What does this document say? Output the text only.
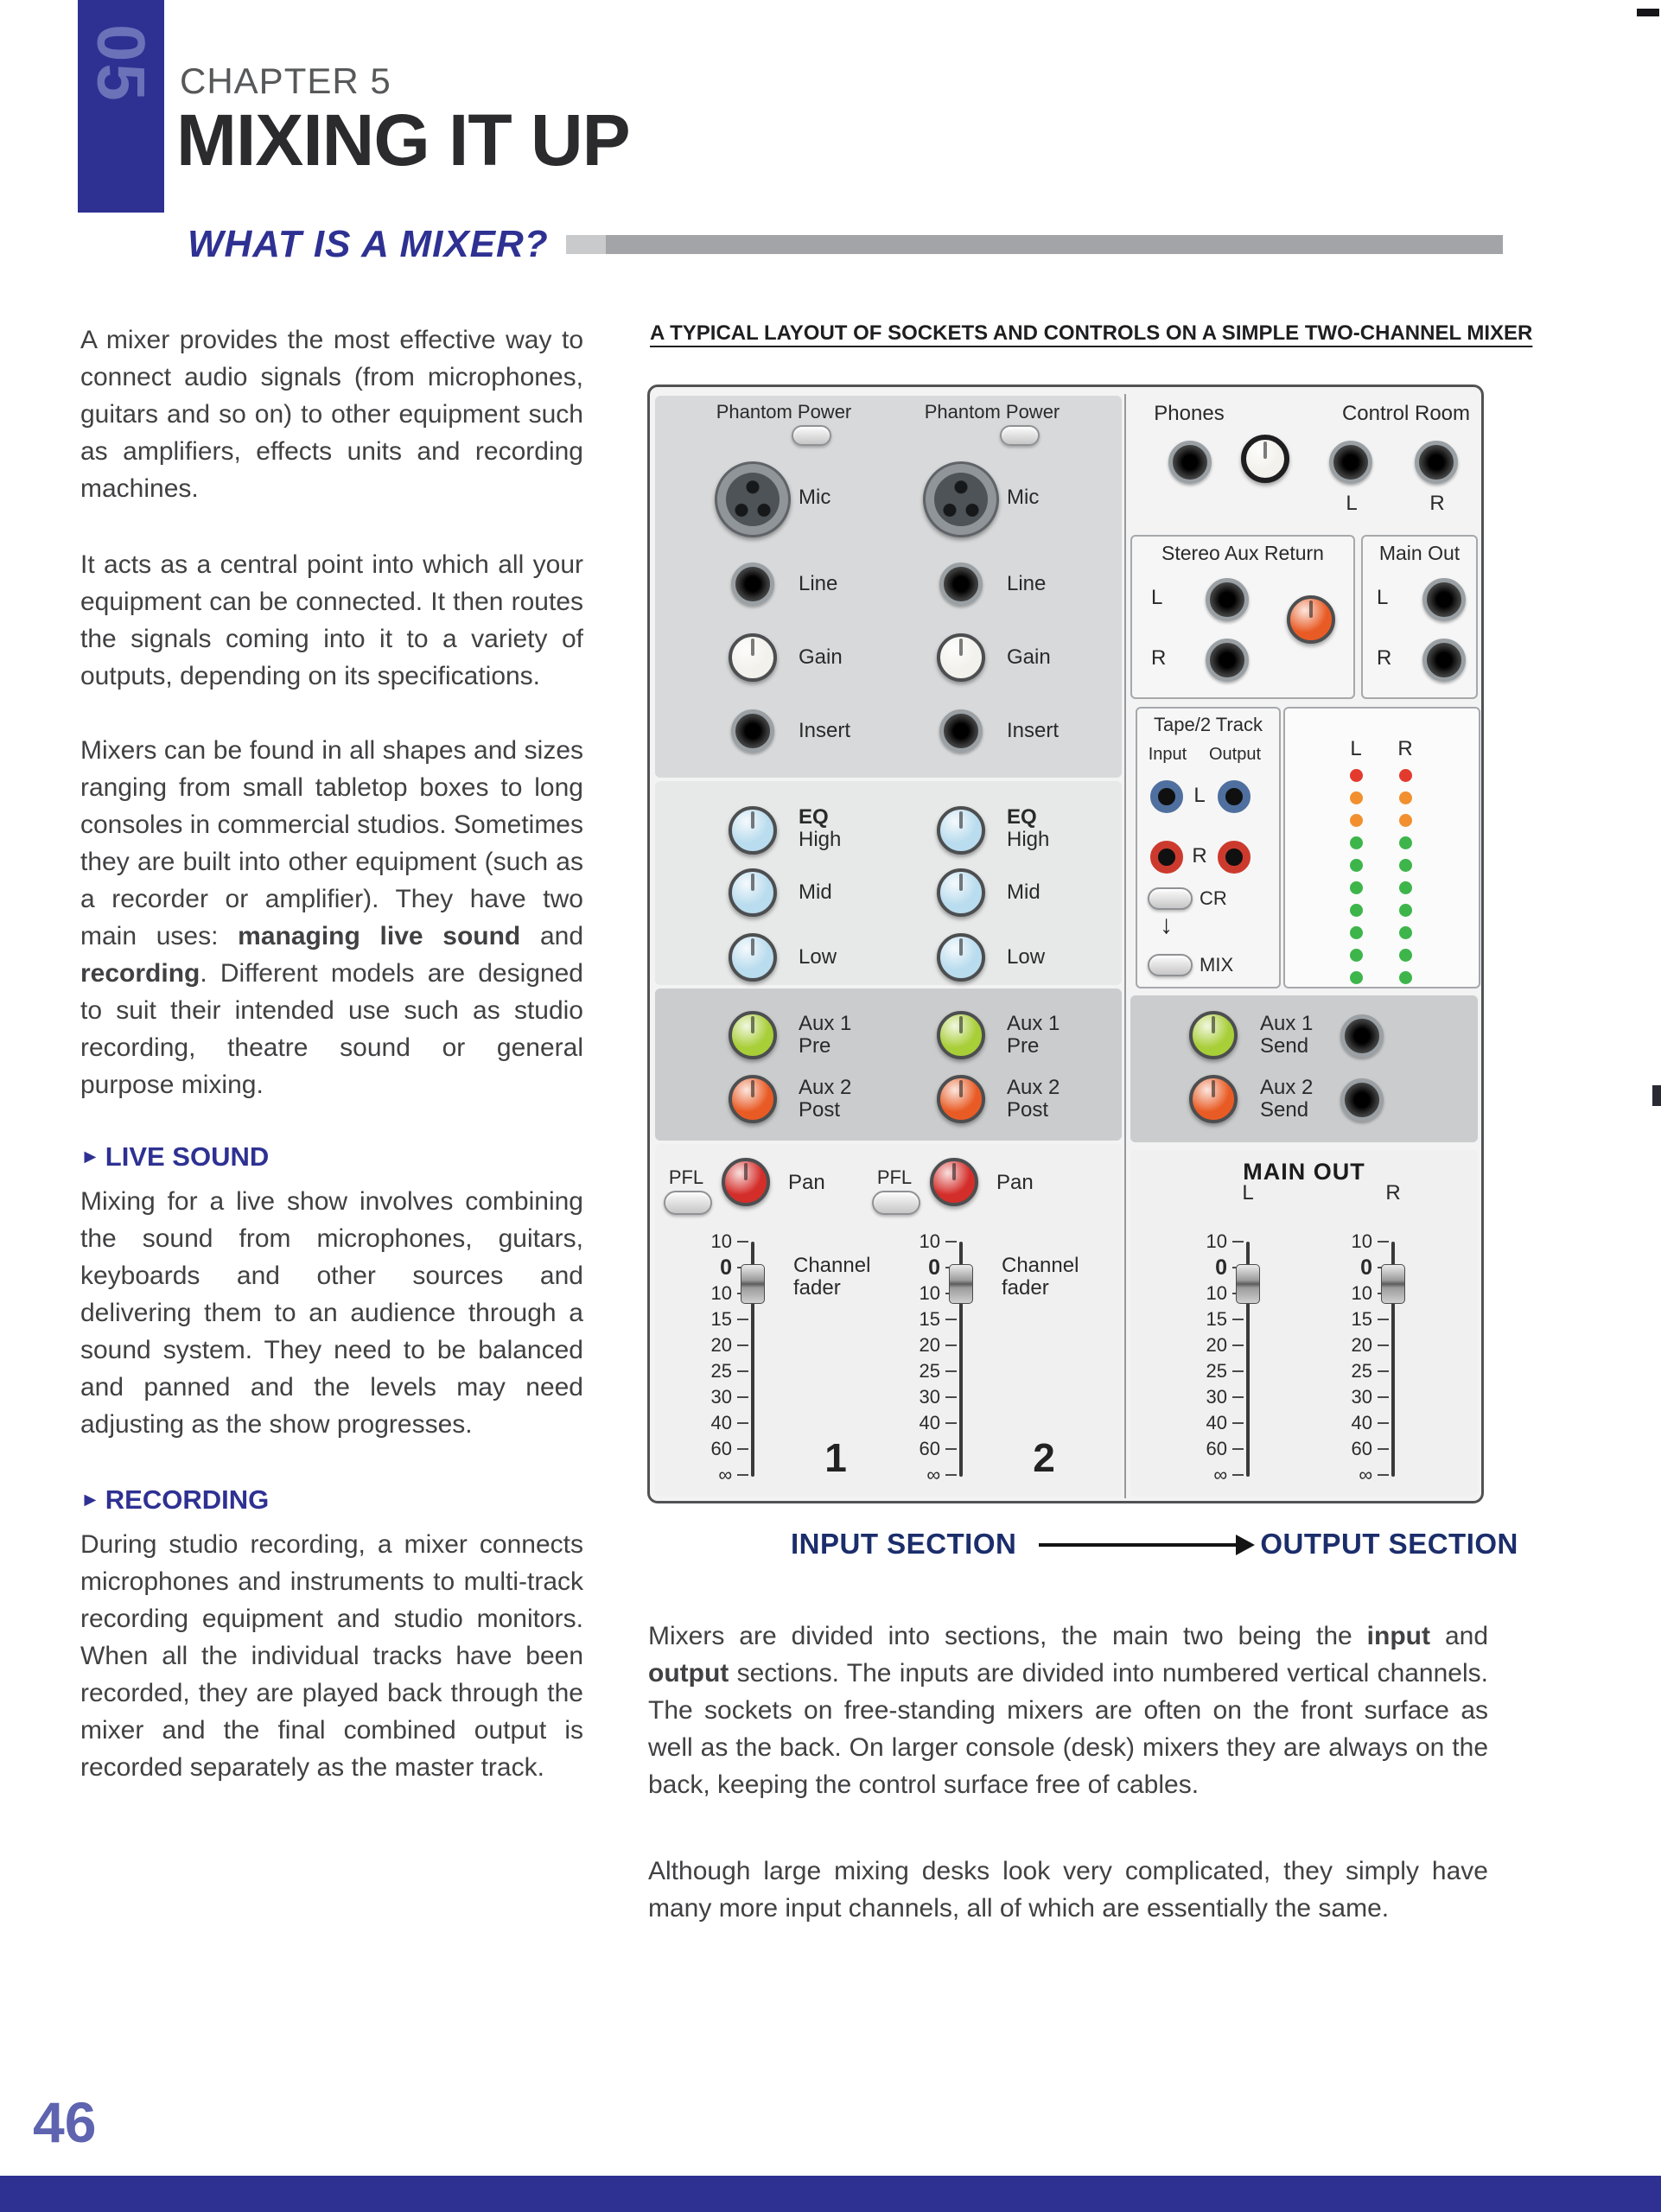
05 CHAPTER 5
MIXING IT UP
WHAT IS A MIXER?

A mixer provides the most effective way to connect audio signals (from microphones, guitars and so on) to other equipment such as amplifiers, effects units and recording machines.

It acts as a central point into which all your equipment can be connected. It then routes the signals coming into it to a variety of outputs, depending on its specifications.

Mixers can be found in all shapes and sizes ranging from small tabletop boxes to long consoles in commercial studios. Sometimes they are built into other equipment (such as a recorder or amplifier). They have two main uses: managing live sound and recording. Different models are designed to suit their intended use such as studio recording, theatre sound or general purpose mixing.

► LIVE SOUND

Mixing for a live show involves combining the sound from microphones, guitars, keyboards and other sources and delivering them to an audience through a sound system. They need to be balanced and panned and the levels may need adjusting as the show progresses.

► RECORDING

During studio recording, a mixer connects microphones and instruments to multi-track recording equipment and studio monitors. When all the individual tracks have been recorded, they are played back through the mixer and the final combined output is recorded separately as the master track.

A TYPICAL LAYOUT OF SOCKETS AND CONTROLS ON A SIMPLE TWO-CHANNEL MIXER
Phantom Power
Mic
Line
Gain
Insert
EQ
High
Mid
Low
Aux 1
Pre
Aux 2
Post
PFL	Pan
10
0
10
15
20
25
30
40
60
∞
Channel
fader
1
Phantom Power
Mic
Line
Gain
Insert
EQ
High
Mid
Low
Aux 1
Pre
Aux 2
Post
PFL	Pan
10
0
10
15
20
25
30
40
60
∞
Channel
fader
2
Phones	Control Room
L	R
Stereo Aux Return
L
R
Main Out
L
R
Tape/2 Track
Input	Output
L
R
CR
↓
MIX
L	R
Aux 1
Send
Aux 2
Send
MAIN OUT
L	R
10
0
10
15
20
25
30
40
60
∞
10
0
10
15
20
25
30
40
60
∞
INPUT SECTION	OUTPUT SECTION

Mixers are divided into sections, the main two being the input and output sections. The inputs are divided into numbered vertical channels. The sockets on free-standing mixers are often on the front surface as well as the back. On larger console (desk) mixers they are always on the back, keeping the control surface free of cables.

Although large mixing desks look very complicated, they simply have many more input channels, all of which are essentially the same.

46
